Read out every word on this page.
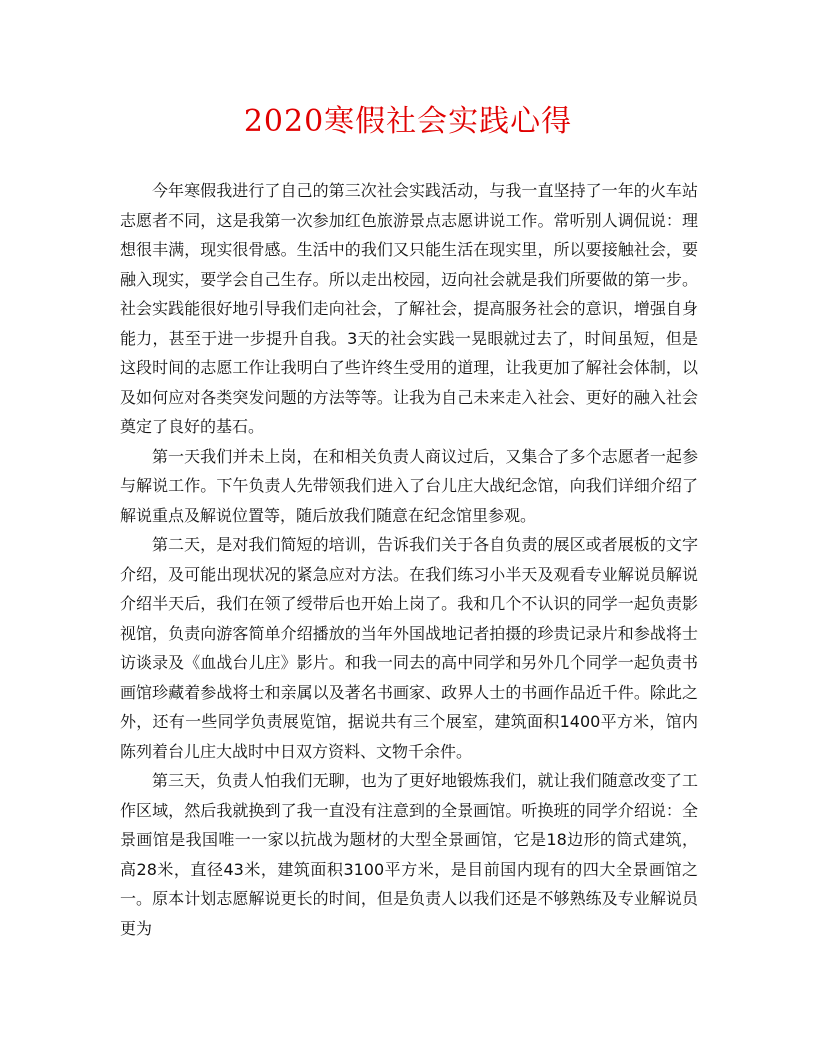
2020寒假社会实践心得

今年寒假我进行了自己的第三次社会实践活动，与我一直坚持了一年的火车站志愿者不同，这是我第一次参加红色旅游景点志愿讲说工作。常听别人调侃说：理想很丰满，现实很骨感。生活中的我们又只能生活在现实里，所以要接触社会，要融入现实，要学会自己生存。所以走出校园，迈向社会就是我们所要做的第一步。社会实践能很好地引导我们走向社会，了解社会，提高服务社会的意识，增强自身能力，甚至于进一步提升自我。3天的社会实践一晃眼就过去了，时间虽短，但是这段时间的志愿工作让我明白了些许终生受用的道理，让我更加了解社会体制，以及如何应对各类突发问题的方法等等。让我为自己未来走入社会、更好的融入社会奠定了良好的基石。

第一天我们并未上岗，在和相关负责人商议过后，又集合了多个志愿者一起参与解说工作。下午负责人先带领我们进入了台儿庄大战纪念馆，向我们详细介绍了解说重点及解说位置等，随后放我们随意在纪念馆里参观。

第二天，是对我们简短的培训，告诉我们关于各自负责的展区或者展板的文字介绍，及可能出现状况的紧急应对方法。在我们练习小半天及观看专业解说员解说介绍半天后，我们在领了绶带后也开始上岗了。我和几个不认识的同学一起负责影视馆，负责向游客简单介绍播放的当年外国战地记者拍摄的珍贵记录片和参战将士访谈录及《血战台儿庄》影片。和我一同去的高中同学和另外几个同学一起负责书画馆珍藏着参战将士和亲属以及著名书画家、政界人士的书画作品近千件。除此之外，还有一些同学负责展览馆，据说共有三个展室，建筑面积1400平方米，馆内陈列着台儿庄大战时中日双方资料、文物千余件。

第三天，负责人怕我们无聊，也为了更好地锻炼我们，就让我们随意改变了工作区域，然后我就换到了我一直没有注意到的全景画馆。听换班的同学介绍说：全景画馆是我国唯一一家以抗战为题材的大型全景画馆，它是18边形的筒式建筑，高28米，直径43米，建筑面积3100平方米，是目前国内现有的四大全景画馆之一。原本计划志愿解说更长的时间，但是负责人以我们还是不够熟练及专业解说员更为
